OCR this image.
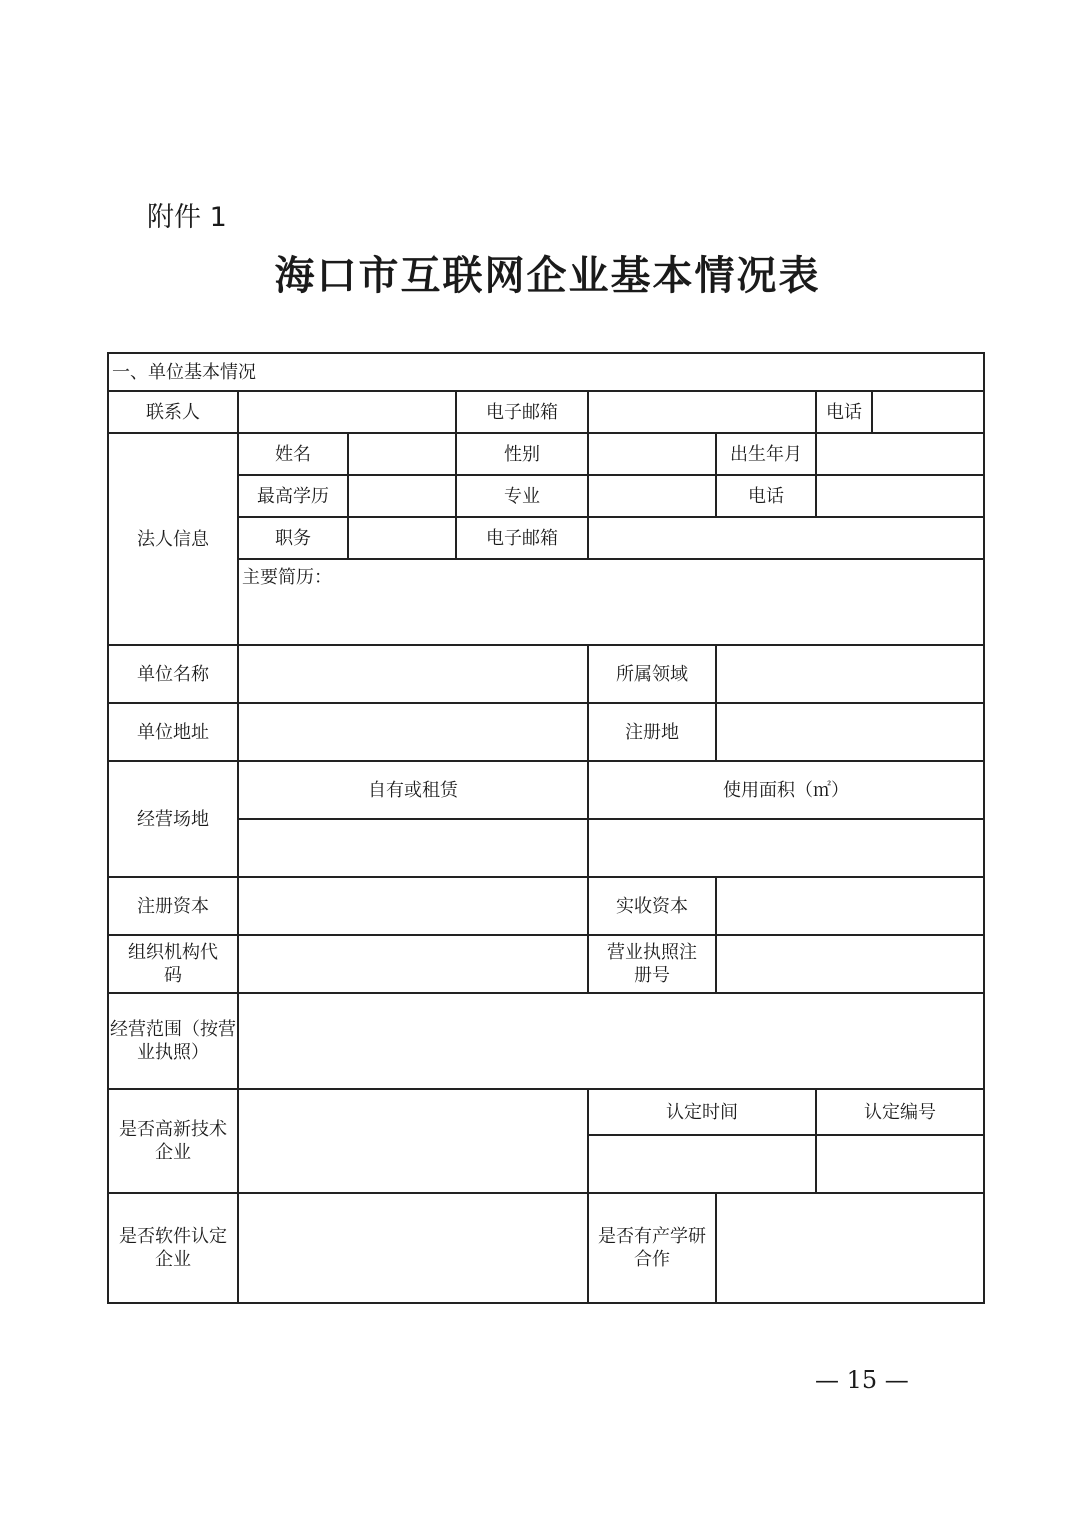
附件 1
海口市互联网企业基本情况表
一、单位基本情况							
联系人			电子邮箱			电话	
法人信息	姓名		性别		出生年月		
	最高学历		专业		电话		
	职务		电子邮箱				
	主要简历：						
单位名称				所属领域			
单位地址				注册地			
经营场地	自有或租赁			使用面积（㎡）			

注册资本				实收资本			
组织机构代码				营业执照注册号			
经营范围（按营业执照）							
是否高新技术企业				认定时间		认定编号	

是否软件认定企业				是否有产学研合作			
— 15 —
